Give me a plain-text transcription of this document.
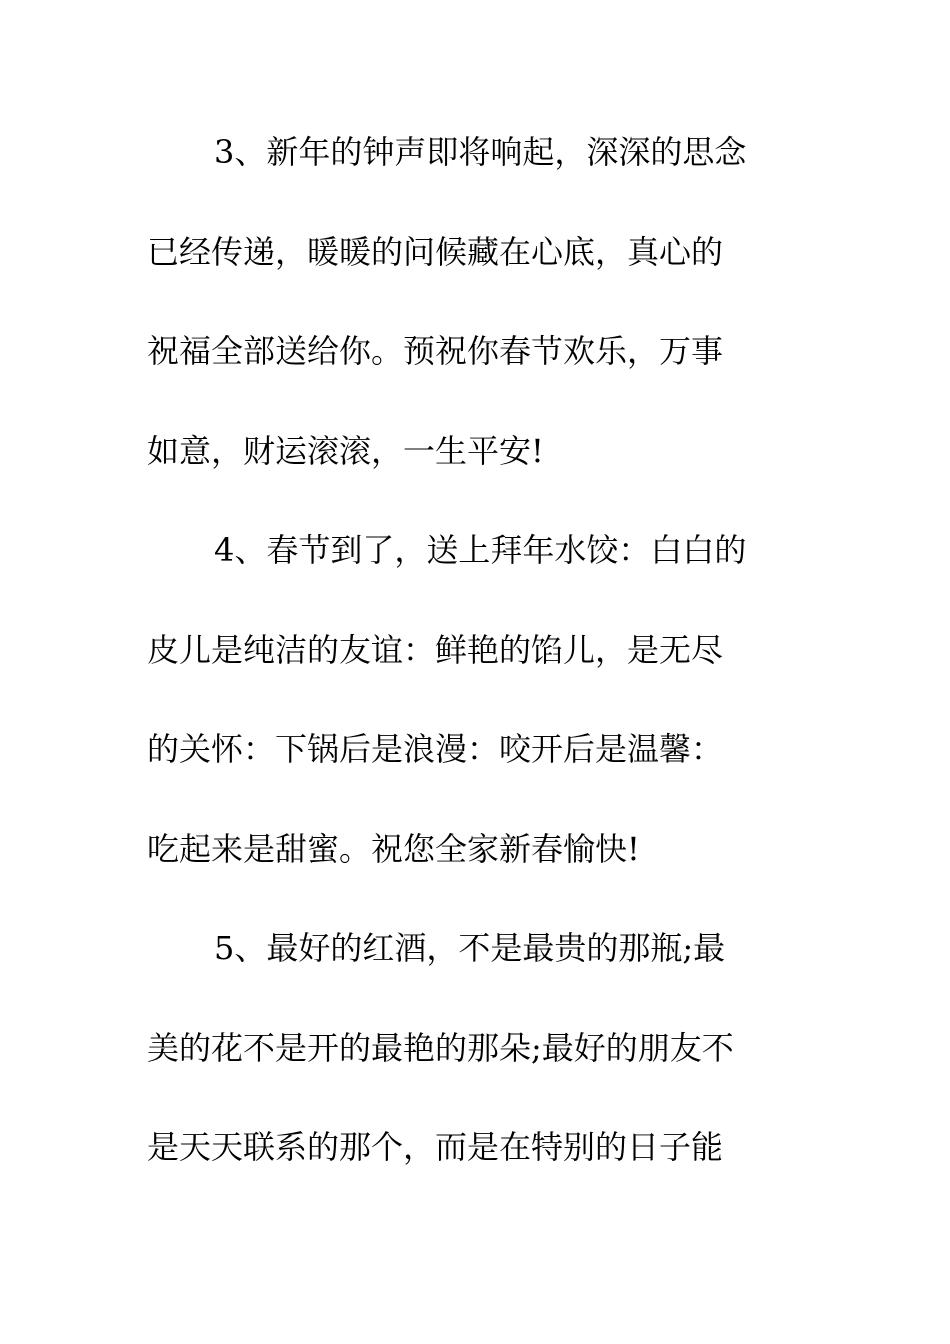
3、新年的钟声即将响起，深深的思念
已经传递，暖暖的问候藏在心底，真心的
祝福全部送给你。预祝你春节欢乐，万事
如意，财运滚滚，一生平安!
4、春节到了，送上拜年水饺：白白的
皮儿是纯洁的友谊：鲜艳的馅儿，是无尽
的关怀：下锅后是浪漫：咬开后是温馨：
吃起来是甜蜜。祝您全家新春愉快!
5、最好的红酒，不是最贵的那瓶;最
美的花不是开的最艳的那朵;最好的朋友不
是天天联系的那个，而是在特别的日子能
